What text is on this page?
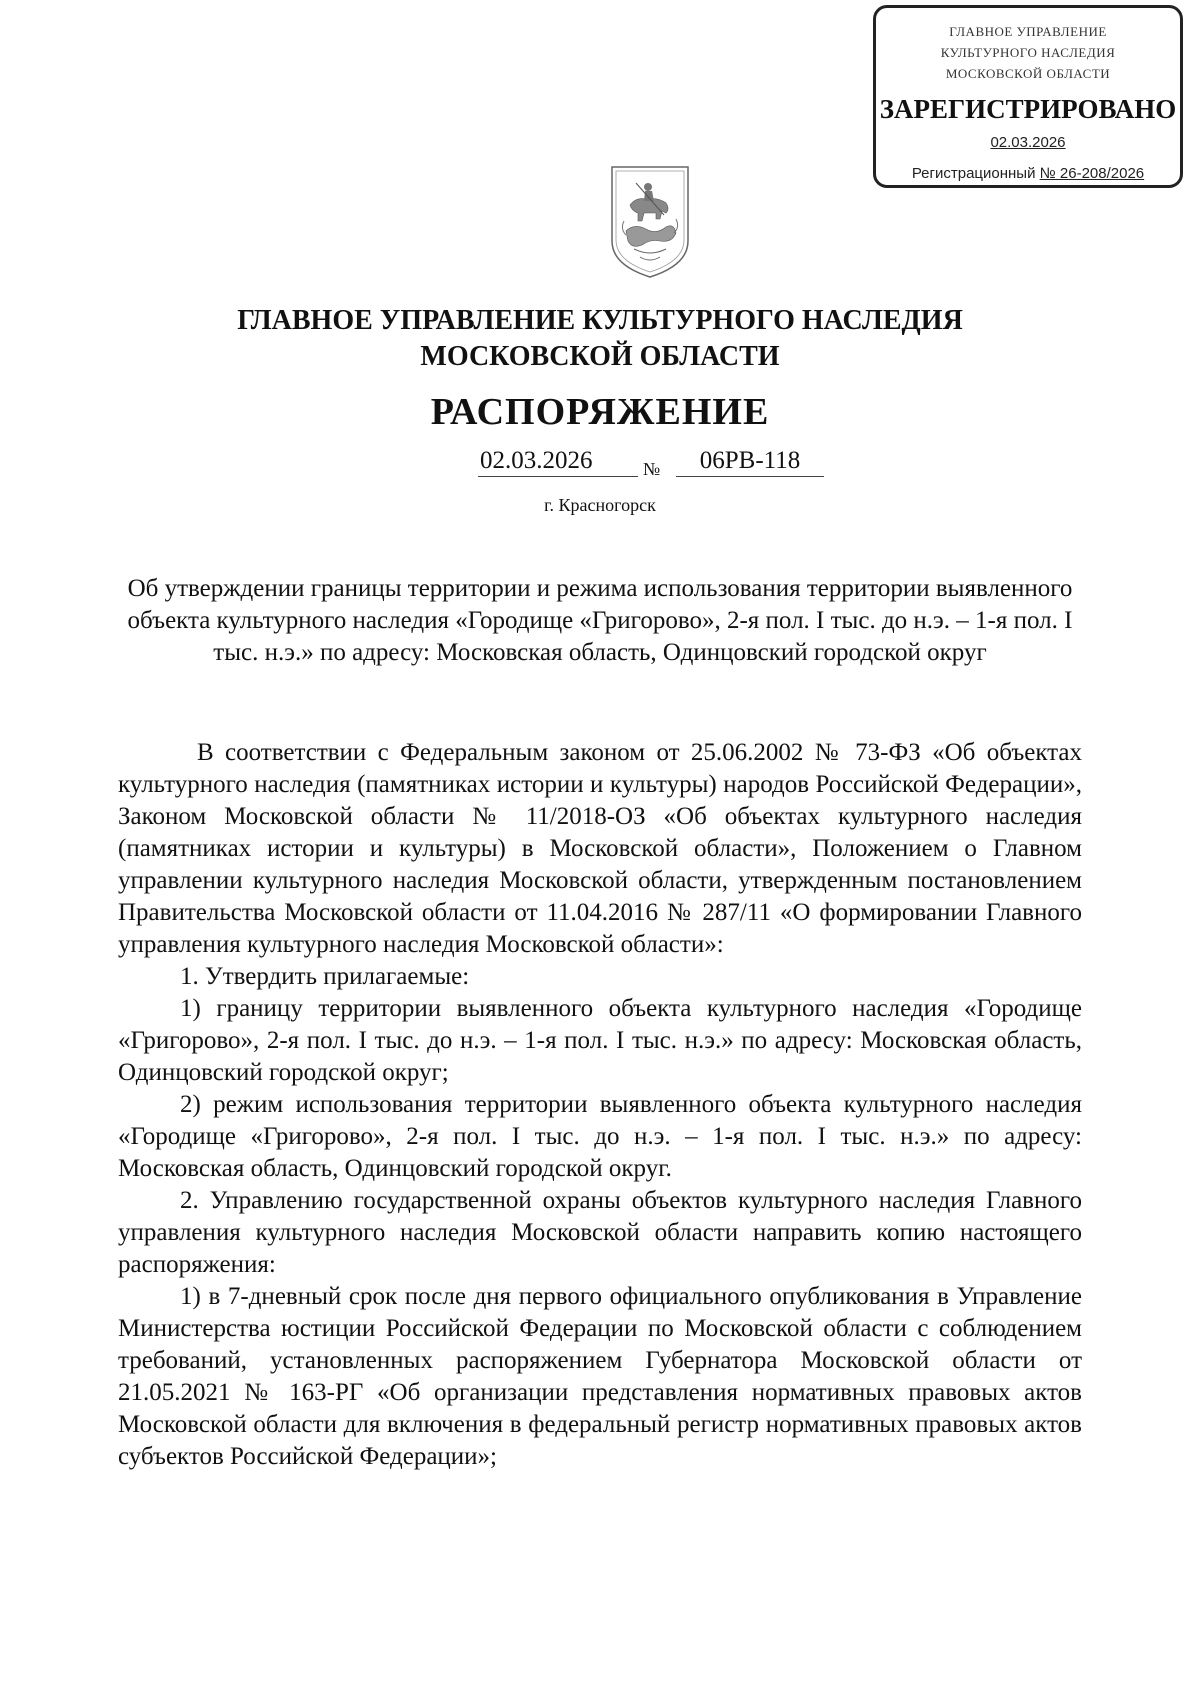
ГЛАВНОЕ УПРАВЛЕНИЕ
КУЛЬТУРНОГО НАСЛЕДИЯ
МОСКОВСКОЙ ОБЛАСТИ
ЗАРЕГИСТРИРОВАНО
02.03.2026
Регистрационный № 26-208/2026
ГЛАВНОЕ УПРАВЛЕНИЕ КУЛЬТУРНОГО НАСЛЕДИЯ
МОСКОВСКОЙ ОБЛАСТИ
РАСПОРЯЖЕНИЕ
02.03.2026	№	06РВ-118
г. Красногорск
Об утверждении границы территории и режима использования территории выявленного объекта культурного наследия «Городище «Григорово», 2-я пол. I тыс. до н.э. – 1-я пол. I тыс. н.э.» по адресу: Московская область, Одинцовский городской округ

В соответствии с Федеральным законом от 25.06.2002 № 73-ФЗ «Об объектах культурного наследия (памятниках истории и культуры) народов Российской Федерации», Законом Московской области № 11/2018-ОЗ «Об объектах культурного наследия (памятниках истории и культуры) в Московской области», Положением о Главном управлении культурного наследия Московской области, утвержденным постановлением Правительства Московской области от 11.04.2016 № 287/11 «О формировании Главного управления культурного наследия Московской области»:

1. Утвердить прилагаемые:

1) границу территории выявленного объекта культурного наследия «Городище «Григорово», 2-я пол. I тыс. до н.э. – 1-я пол. I тыс. н.э.» по адресу: Московская область, Одинцовский городской округ;

2) режим использования территории выявленного объекта культурного наследия «Городище «Григорово», 2-я пол. I тыс. до н.э. – 1-я пол. I тыс. н.э.» по адресу: Московская область, Одинцовский городской округ.

2. Управлению государственной охраны объектов культурного наследия Главного управления культурного наследия Московской области направить копию настоящего распоряжения:

1) в 7-дневный срок после дня первого официального опубликования в Управление Министерства юстиции Российской Федерации по Московской области с соблюдением требований, установленных распоряжением Губернатора Московской области от 21.05.2021 № 163-РГ «Об организации представления нормативных правовых актов Московской области для включения в федеральный регистр нормативных правовых актов субъектов Российской Федерации»;
